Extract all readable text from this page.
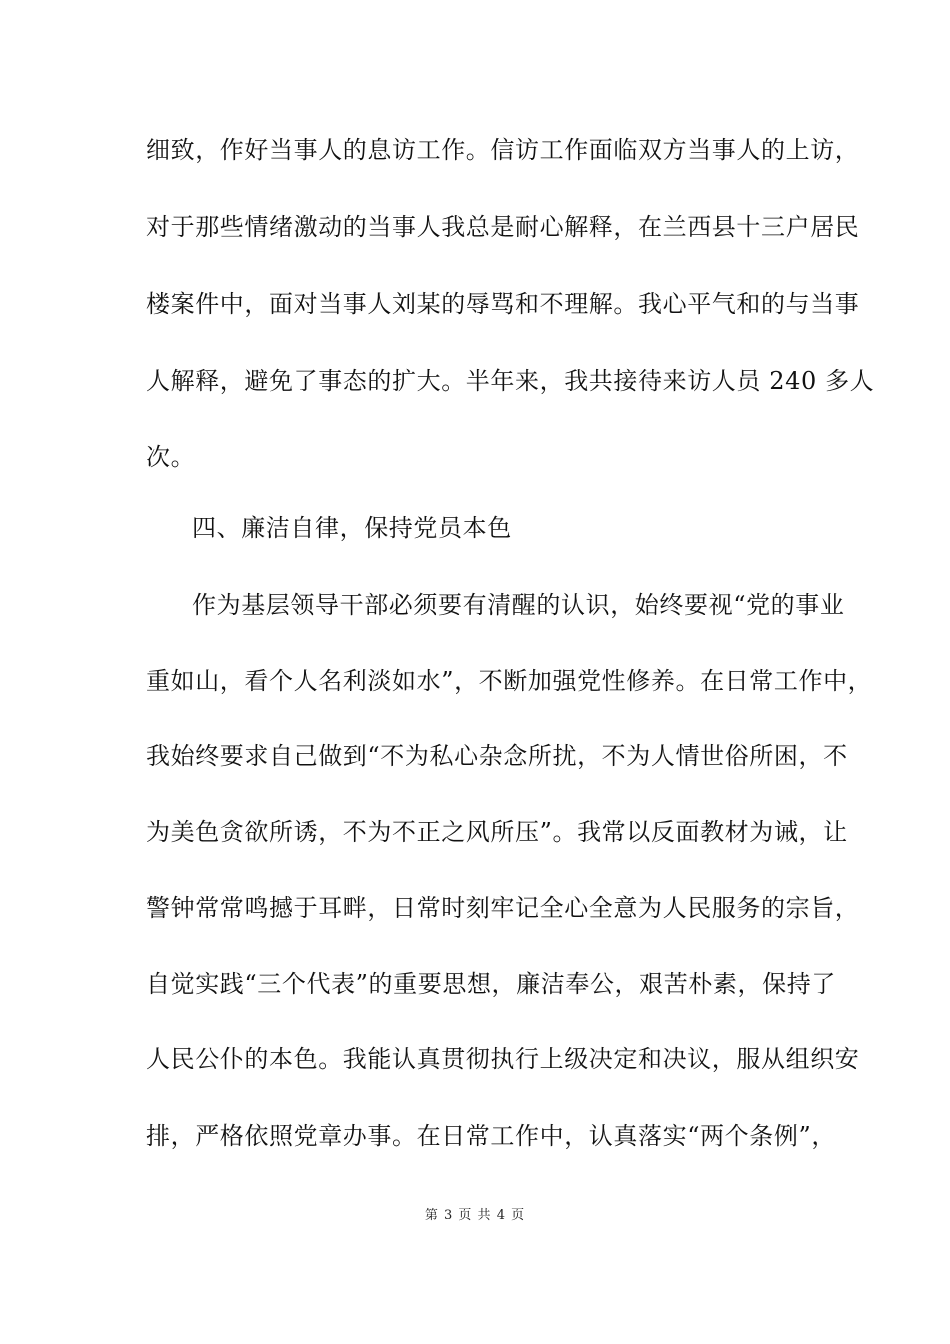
细致，作好当事人的息访工作。信访工作面临双方当事人的上访，
对于那些情绪激动的当事人我总是耐心解释，在兰西县十三户居民
楼案件中，面对当事人刘某的辱骂和不理解。我心平气和的与当事
人解释，避免了事态的扩大。半年来，我共接待来访人员 240 多人
次。
四、廉洁自律，保持党员本色
作为基层领导干部必须要有清醒的认识，始终要视“党的事业
重如山，看个人名利淡如水”，不断加强党性修养。在日常工作中，
我始终要求自己做到“不为私心杂念所扰，不为人情世俗所困，不
为美色贪欲所诱，不为不正之风所压”。我常以反面教材为诫，让
警钟常常鸣撼于耳畔，日常时刻牢记全心全意为人民服务的宗旨，
自觉实践“三个代表”的重要思想，廉洁奉公，艰苦朴素，保持了
人民公仆的本色。我能认真贯彻执行上级决定和决议，服从组织安
排，严格依照党章办事。在日常工作中，认真落实“两个条例”，
第 3 页 共 4 页
